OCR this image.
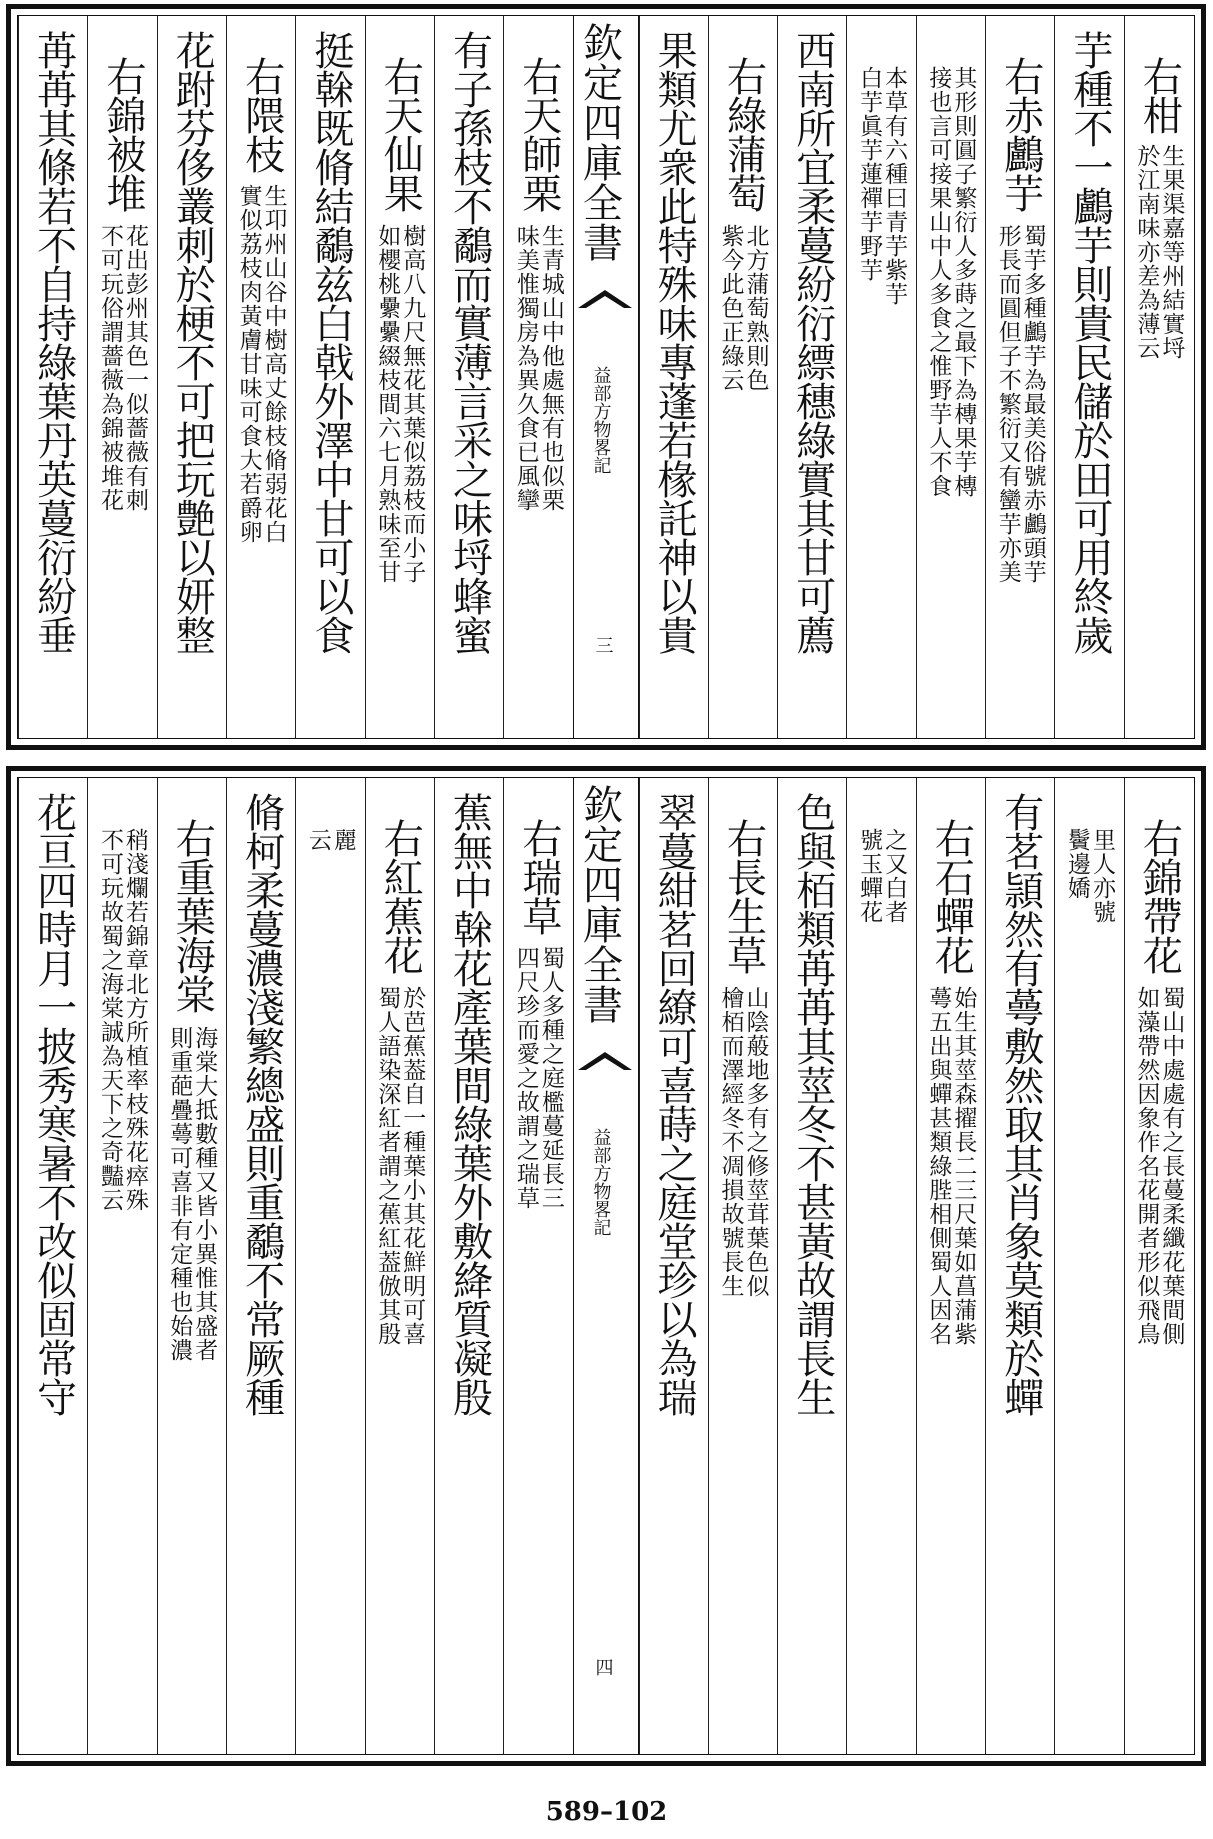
右柑
生果渠嘉等州結實埒
於江南味亦差為薄云
芋種不一鸕芋則貴民儲於田可用終歲
右赤鸕芋
蜀芋多種鸕芋為最美俗號赤鸕頭芋
形長而圓但子不繁衍又有蠻芋亦美
其形則圓子繁衍人多蒔之最下為槫果芋槫
接也言可接果山中人多食之惟野芋人不食
本草有六種曰青芋紫芋
白芋眞芋蓮禪芋野芋
西南所宜柔蔓紛衍縹穗綠實其甘可薦
右綠蒲萄
北方蒲萄熟則色
紫今此色正綠云
果類尤衆此特殊味專蓬若椽託神以貴
欽定四庫全書
益部方物畧記
三
右天師栗
生青城山中他處無有也似栗
味美惟獨房為異久食已風攣
有子孫枝不鷸而實薄言采之味埒蜂蜜
右天仙果
樹高八九尺無花其葉似荔枝而小子
如櫻桃纍纍綴枝間六七月熟味至甘
挺榦既脩結鷸兹白戟外澤中甘可以食
右隈枝
生卭州山谷中樹高丈餘枝脩弱花白
實似荔枝肉黃膚甘味可食大若爵卵
花跗芬侈叢刺於梗不可把玩艶以妍整
右錦被堆
花出彭州其色一似薔薇有刺
不可玩俗謂薔薇為錦被堆花
苒苒其條若不自持綠葉丹英蔓衍紛垂
右錦帶花
蜀山中處處有之長蔓柔纖花葉間側
如藻帶然因象作名花開者形似飛鳥
里人亦號
鬢邊嬌
有茗頴然有蕚敷然取其肖象莫類於蟬
右石蟬花
始生其莖森擢長二三尺葉如菖蒲紫
蕚五出與蟬甚類綠䏶相側蜀人因名
之又白者
號玉蟬花
色與栢類苒苒其莖冬不甚黃故謂長生
右長生草
山陰蒰地多有之修莖茸葉色似
檜栢而澤經冬不凋損故號長生
翠蔓紺茗回繚可喜蒔之庭堂珍以為瑞
欽定四庫全書
益部方物畧記
四
右瑞草
蜀人多種之庭檻蔓延長三
四尺珍而愛之故謂之瑞草
蕉無中榦花產葉間綠葉外敷絳質凝殷
右紅蕉花
於芭蕉葢自一種葉小其花鮮明可喜
蜀人語染深紅者謂之蕉紅葢倣其殷
麗
云
脩柯柔蔓濃淺繁總盛則重鷸不常厥種
右重葉海棠
海棠大抵數種又皆小異惟其盛者
則重葩疊蕚可喜非有定種也始濃
稍淺爛若錦章北方所植率枝殊花瘁殊
不可玩故蜀之海棠誠為天下之奇豔云
花亘四時月一披秀寒暑不改似固常守
589–102
